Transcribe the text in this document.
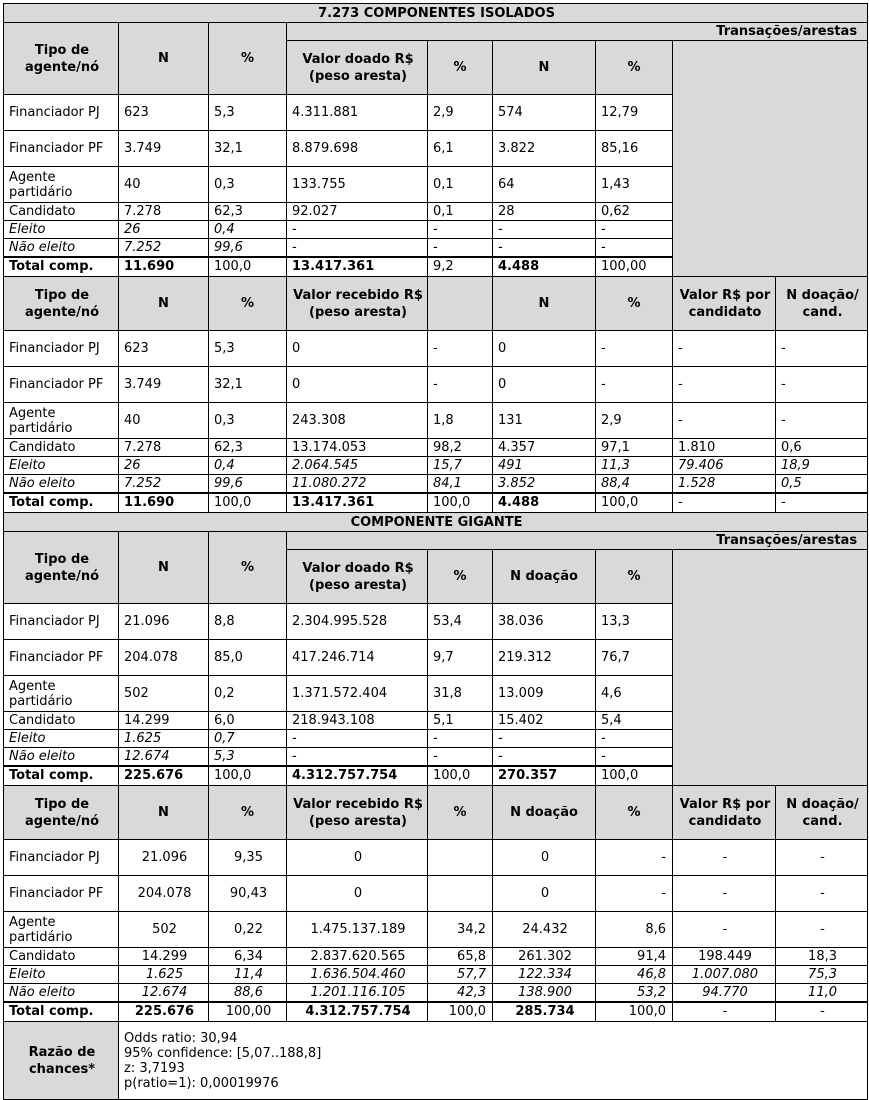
7.273 COMPONENTES ISOLADOS								
Tipo de agente/nó	N	%	Transações/arestas					
			Valor doado R$ (peso aresta)	%	N	%		
Financiador PJ	623	5,3	4.311.881	2,9	574	12,79		
Financiador PF	3.749	32,1	8.879.698	6,1	3.822	85,16		
Agente partidário	40	0,3	133.755	0,1	64	1,43		
Candidato	7.278	62,3	92.027	0,1	28	0,62		
Eleito	26	0,4	-	-	-	-		
Não eleito	7.252	99,6	-	-	-	-		
Total comp.	11.690	100,0	13.417.361	9,2	4.488	100,00		
Tipo de agente/nó	N	%	Valor recebido R$ (peso aresta)		N	%	Valor R$ por candidato	N doação/ cand.
Financiador PJ	623	5,3	0	-	0	-	-	-
Financiador PF	3.749	32,1	0	-	0	-	-	-
Agente partidário	40	0,3	243.308	1,8	131	2,9	-	-
Candidato	7.278	62,3	13.174.053	98,2	4.357	97,1	1.810	0,6
Eleito	26	0,4	2.064.545	15,7	491	11,3	79.406	18,9
Não eleito	7.252	99,6	11.080.272	84,1	3.852	88,4	1.528	0,5
Total comp.	11.690	100,0	13.417.361	100,0	4.488	100,0	-	-
COMPONENTE GIGANTE								
Tipo de agente/nó	N	%	Transações/arestas					
			Valor doado R$ (peso aresta)	%	N doação	%		
Financiador PJ	21.096	8,8	2.304.995.528	53,4	38.036	13,3		
Financiador PF	204.078	85,0	417.246.714	9,7	219.312	76,7		
Agente partidário	502	0,2	1.371.572.404	31,8	13.009	4,6		
Candidato	14.299	6,0	218.943.108	5,1	15.402	5,4		
Eleito	1.625	0,7	-	-	-	-		
Não eleito	12.674	5,3	-	-	-	-		
Total comp.	225.676	100,0	4.312.757.754	100,0	270.357	100,0		
Tipo de agente/nó	N	%	Valor recebido R$ (peso aresta)	%	N doação	%	Valor R$ por candidato	N doação/ cand.
Financiador PJ	21.096	9,35	0		0	-	-	-
Financiador PF	204.078	90,43	0		0	-	-	-
Agente partidário	502	0,22	1.475.137.189	34,2	24.432	8,6	-	-
Candidato	14.299	6,34	2.837.620.565	65,8	261.302	91,4	198.449	18,3
Eleito	1.625	11,4	1.636.504.460	57,7	122.334	46,8	1.007.080	75,3
Não eleito	12.674	88,6	1.201.116.105	42,3	138.900	53,2	94.770	11,0
Total comp.	225.676	100,00	4.312.757.754	100,0	285.734	100,0	-	-
Razão de chances*	Odds ratio: 30,94
95% confidence: [5,07..188,8]
z: 3,7193
p(ratio=1): 0,00019976							
